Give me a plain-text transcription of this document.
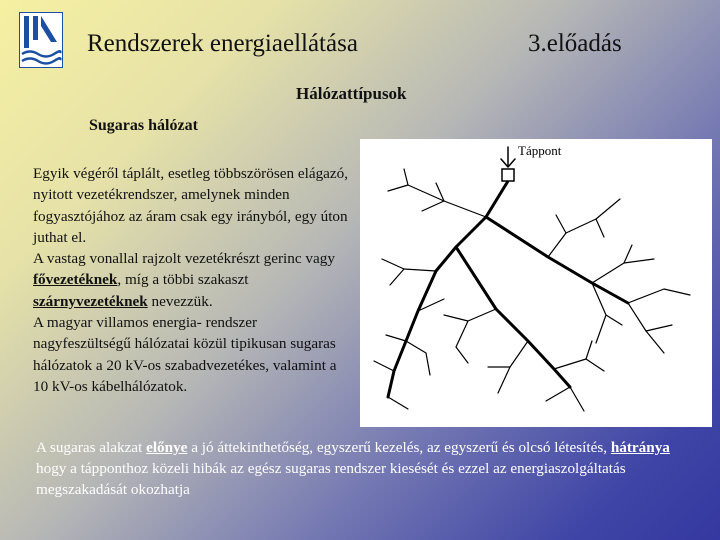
Rendszerek energiaellátása	3.előadás
Hálózattípusok
Sugaras hálózat

Egyik végéről táplált, esetleg többszörösen elágazó, nyitott vezetékrendszer, amelynek minden fogyasztójához az áram csak egy irányból, egy úton juthat el.

A vastag vonallal rajzolt vezetékrészt gerinc vagy fővezetéknek, míg a többi szakaszt szárnyvezetéknek nevezzük.

A magyar villamos energia- rendszer nagyfeszültségű hálózatai közül tipikusan sugaras hálózatok a 20 kV-os szabadvezetékes, valamint a 10 kV-os kábelhálózatok.

Táppont
A sugaras alakzat előnye a jó áttekinthetőség, egyszerű kezelés, az egyszerű és olcsó létesítés, hátránya hogy a tápponthoz közeli hibák az egész sugaras rendszer kiesését és ezzel az energiaszolgáltatás megszakadását okozhatja
